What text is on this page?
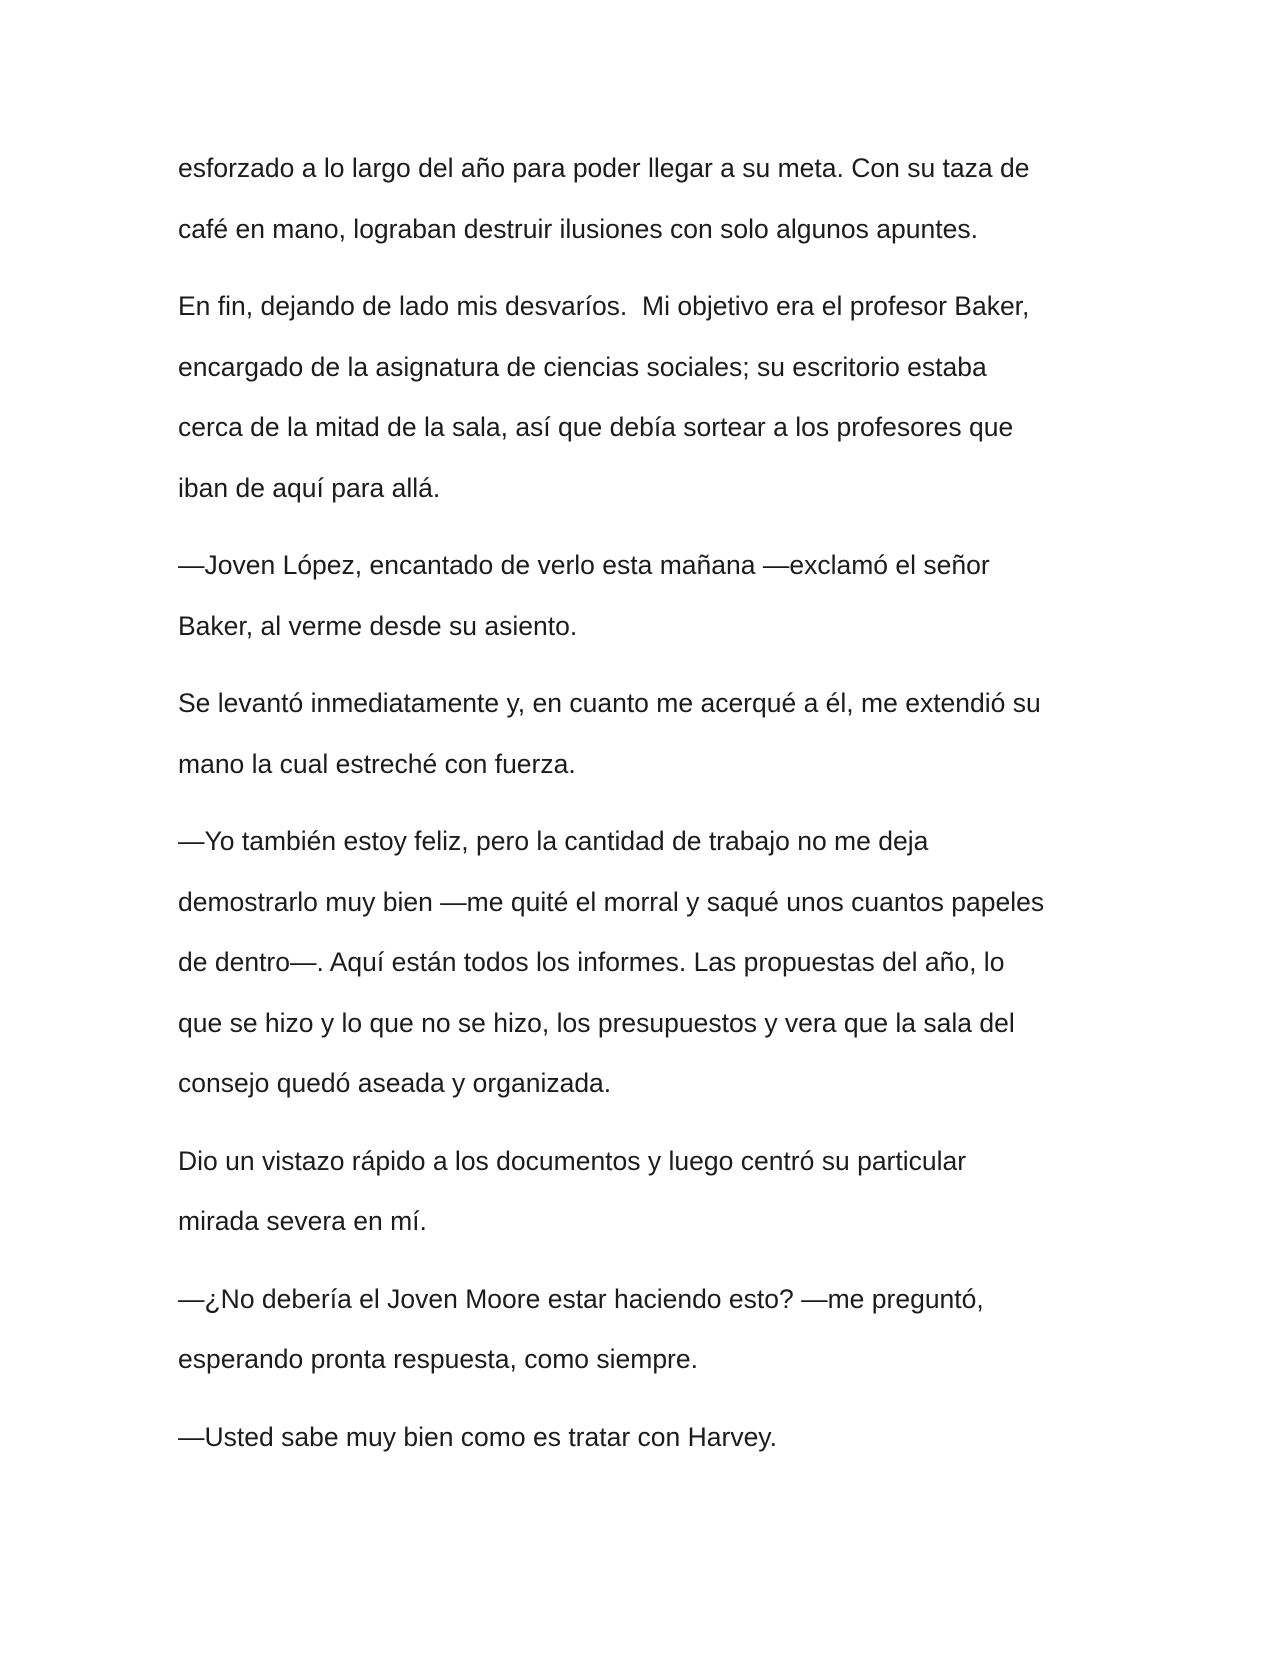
esforzado a lo largo del año para poder llegar a su meta. Con su taza de
café en mano, lograban destruir ilusiones con solo algunos apuntes.

En fin, dejando de lado mis desvaríos.  Mi objetivo era el profesor Baker,
encargado de la asignatura de ciencias sociales; su escritorio estaba
cerca de la mitad de la sala, así que debía sortear a los profesores que
iban de aquí para allá.

—Joven López, encantado de verlo esta mañana —exclamó el señor
Baker, al verme desde su asiento.

Se levantó inmediatamente y, en cuanto me acerqué a él, me extendió su
mano la cual estreché con fuerza.

—Yo también estoy feliz, pero la cantidad de trabajo no me deja
demostrarlo muy bien —me quité el morral y saqué unos cuantos papeles
de dentro—. Aquí están todos los informes. Las propuestas del año, lo
que se hizo y lo que no se hizo, los presupuestos y vera que la sala del
consejo quedó aseada y organizada.

Dio un vistazo rápido a los documentos y luego centró su particular
mirada severa en mí.

—¿No debería el Joven Moore estar haciendo esto? —me preguntó,
esperando pronta respuesta, como siempre.

—Usted sabe muy bien como es tratar con Harvey.
